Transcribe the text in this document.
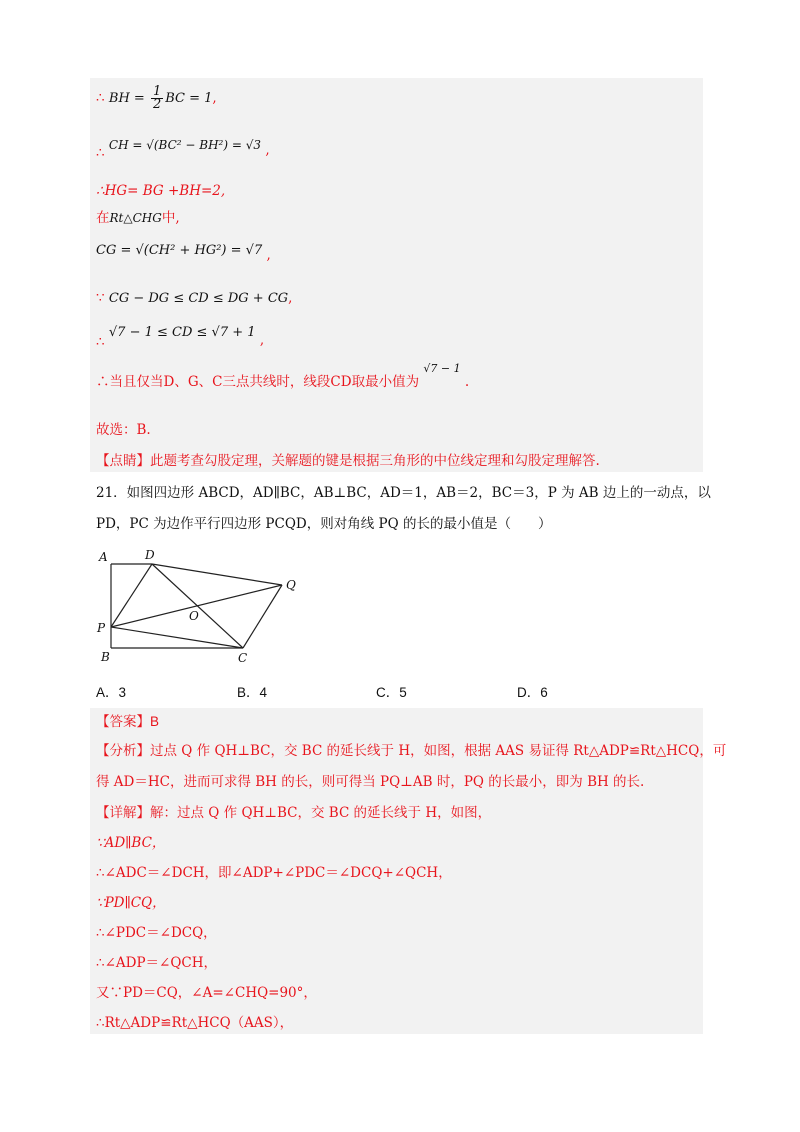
∴ BH = $\frac{1}{2}$ BC = 1,
∴ CH = √(BC² − BH²) = √3 ,
∴HG= BG +BH=2,
在Rt△CHG中,
CG = √(CH² + HG²) = √7 ,
∵ CG − DG ≤ CD ≤ DG + CG,
∴ √7 − 1 ≤ CD ≤ √7 + 1 ,
∴当且仅当D、G、C三点共线时，线段CD取最小值为 $^{√7 - 1}$ .
故选：B.
【点睛】此题考查勾股定理，关解题的键是根据三角形的中位线定理和勾股定理解答.
21．如图四边形 ABCD，AD∥BC，AB⊥BC，AD＝1，AB＝2，BC＝3，P 为 AB 边上的一动点，以
PD，PC 为边作平行四边形 PCQD，则对角线 PQ 的长的最小值是（　　）
A	D
Q
O
P
B	C
A．3	B．4	C．5	D．6
【答案】B
【分析】过点 Q 作 QH⊥BC，交 BC 的延长线于 H，如图，根据 AAS 易证得 Rt△ADP≌Rt△HCQ，可
得 AD＝HC，进而可求得 BH 的长，则可得当 PQ⊥AB 时，PQ 的长最小，即为 BH 的长.
【详解】解：过点 Q 作 QH⊥BC，交 BC 的延长线于 H，如图，
∵AD∥BC，
∴∠ADC＝∠DCH，即∠ADP+∠PDC＝∠DCQ+∠QCH，
∵PD∥CQ，
∴∠PDC＝∠DCQ，
∴∠ADP＝∠QCH，
又∵PD＝CQ，∠A=∠CHQ=90°，
∴Rt△ADP≌Rt△HCQ（AAS），
